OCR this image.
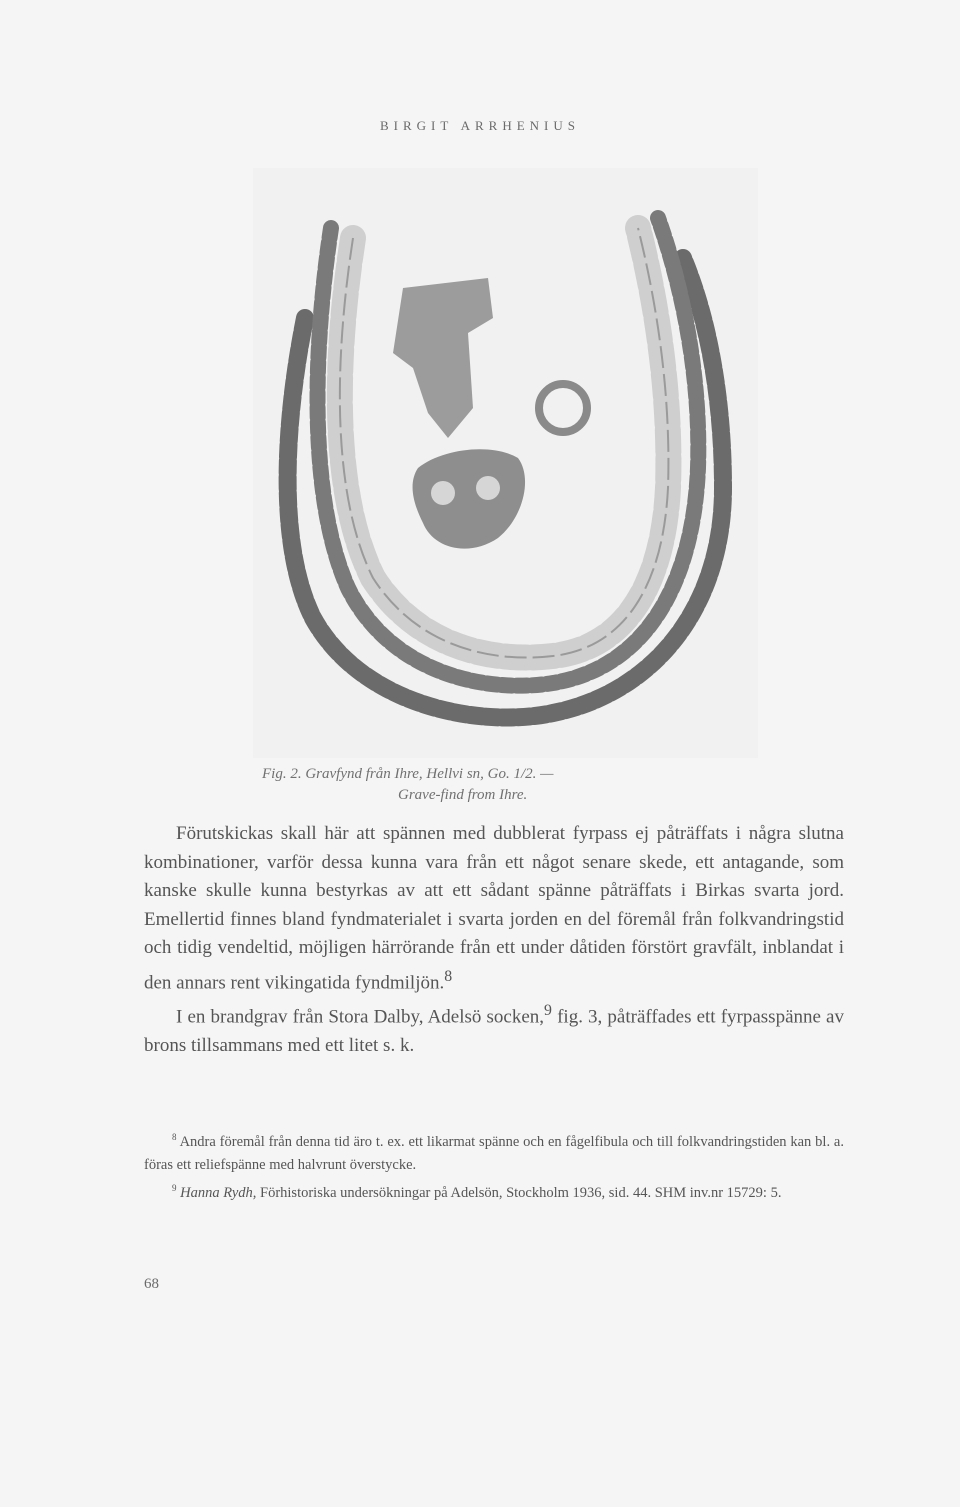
BIRGIT ARRHENIUS
Fig. 2. Gravfynd från Ihre, Hellvi sn, Go. 1/2. —
Grave-find from Ihre.

Förutskickas skall här att spännen med dubblerat fyrpass ej påträffats i några slutna kombinationer, varför dessa kunna vara från ett något senare skede, ett antagande, som kanske skulle kunna bestyrkas av att ett sådant spänne påträffats i Birkas svarta jord. Emellertid finnes bland fyndmaterialet i svarta jorden en del föremål från folkvandringstid och tidig vendeltid, möjligen härrörande från ett under dåtiden förstört gravfält, inblandat i den annars rent vikingatida fyndmiljön.$^8$

I en brandgrav från Stora Dalby, Adelsö socken,$^9$ fig. 3, påträffades ett fyrpasspänne av brons tillsammans med ett litet s. k.

$^8$ Andra föremål från denna tid äro t. ex. ett likarmat spänne och en fågelfibula och till folkvandringstiden kan bl. a. föras ett reliefspänne med halvrunt överstycke.

$^9$ Hanna Rydh, Förhistoriska undersökningar på Adelsön, Stockholm 1936, sid. 44. SHM inv.nr 15729: 5.

68
